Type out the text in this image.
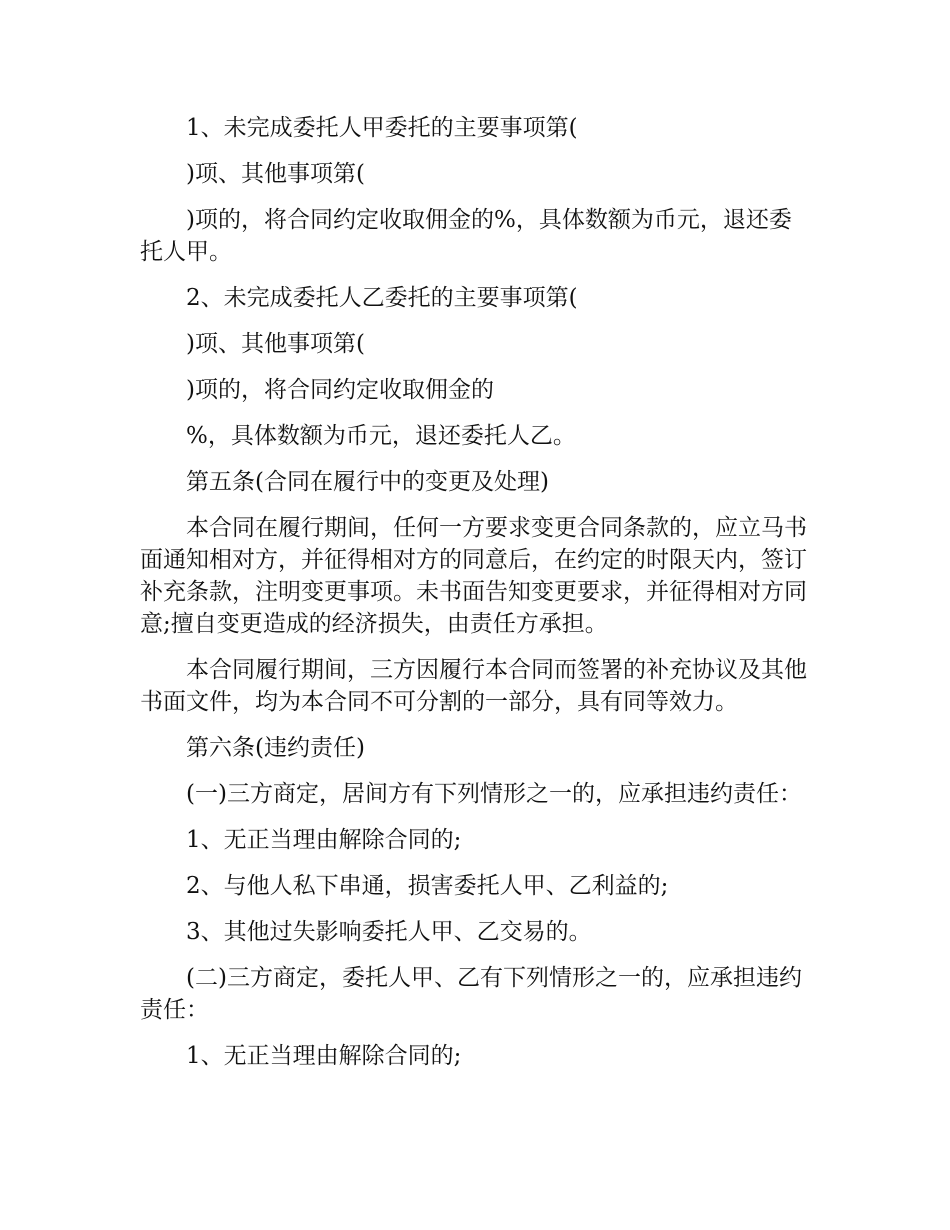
1、未完成委托人甲委托的主要事项第(

)项、其他事项第(

)项的，将合同约定收取佣金的%，具体数额为币元，退还委托人甲。

2、未完成委托人乙委托的主要事项第(

)项、其他事项第(

)项的，将合同约定收取佣金的

%，具体数额为币元，退还委托人乙。

第五条(合同在履行中的变更及处理)

本合同在履行期间，任何一方要求变更合同条款的，应立马书面通知相对方，并征得相对方的同意后，在约定的时限天内，签订补充条款，注明变更事项。未书面告知变更要求，并征得相对方同意;擅自变更造成的经济损失，由责任方承担。

本合同履行期间，三方因履行本合同而签署的补充协议及其他书面文件，均为本合同不可分割的一部分，具有同等效力。

第六条(违约责任)

(一)三方商定，居间方有下列情形之一的，应承担违约责任：

1、无正当理由解除合同的;

2、与他人私下串通，损害委托人甲、乙利益的;

3、其他过失影响委托人甲、乙交易的。

(二)三方商定，委托人甲、乙有下列情形之一的，应承担违约责任：

1、无正当理由解除合同的;
